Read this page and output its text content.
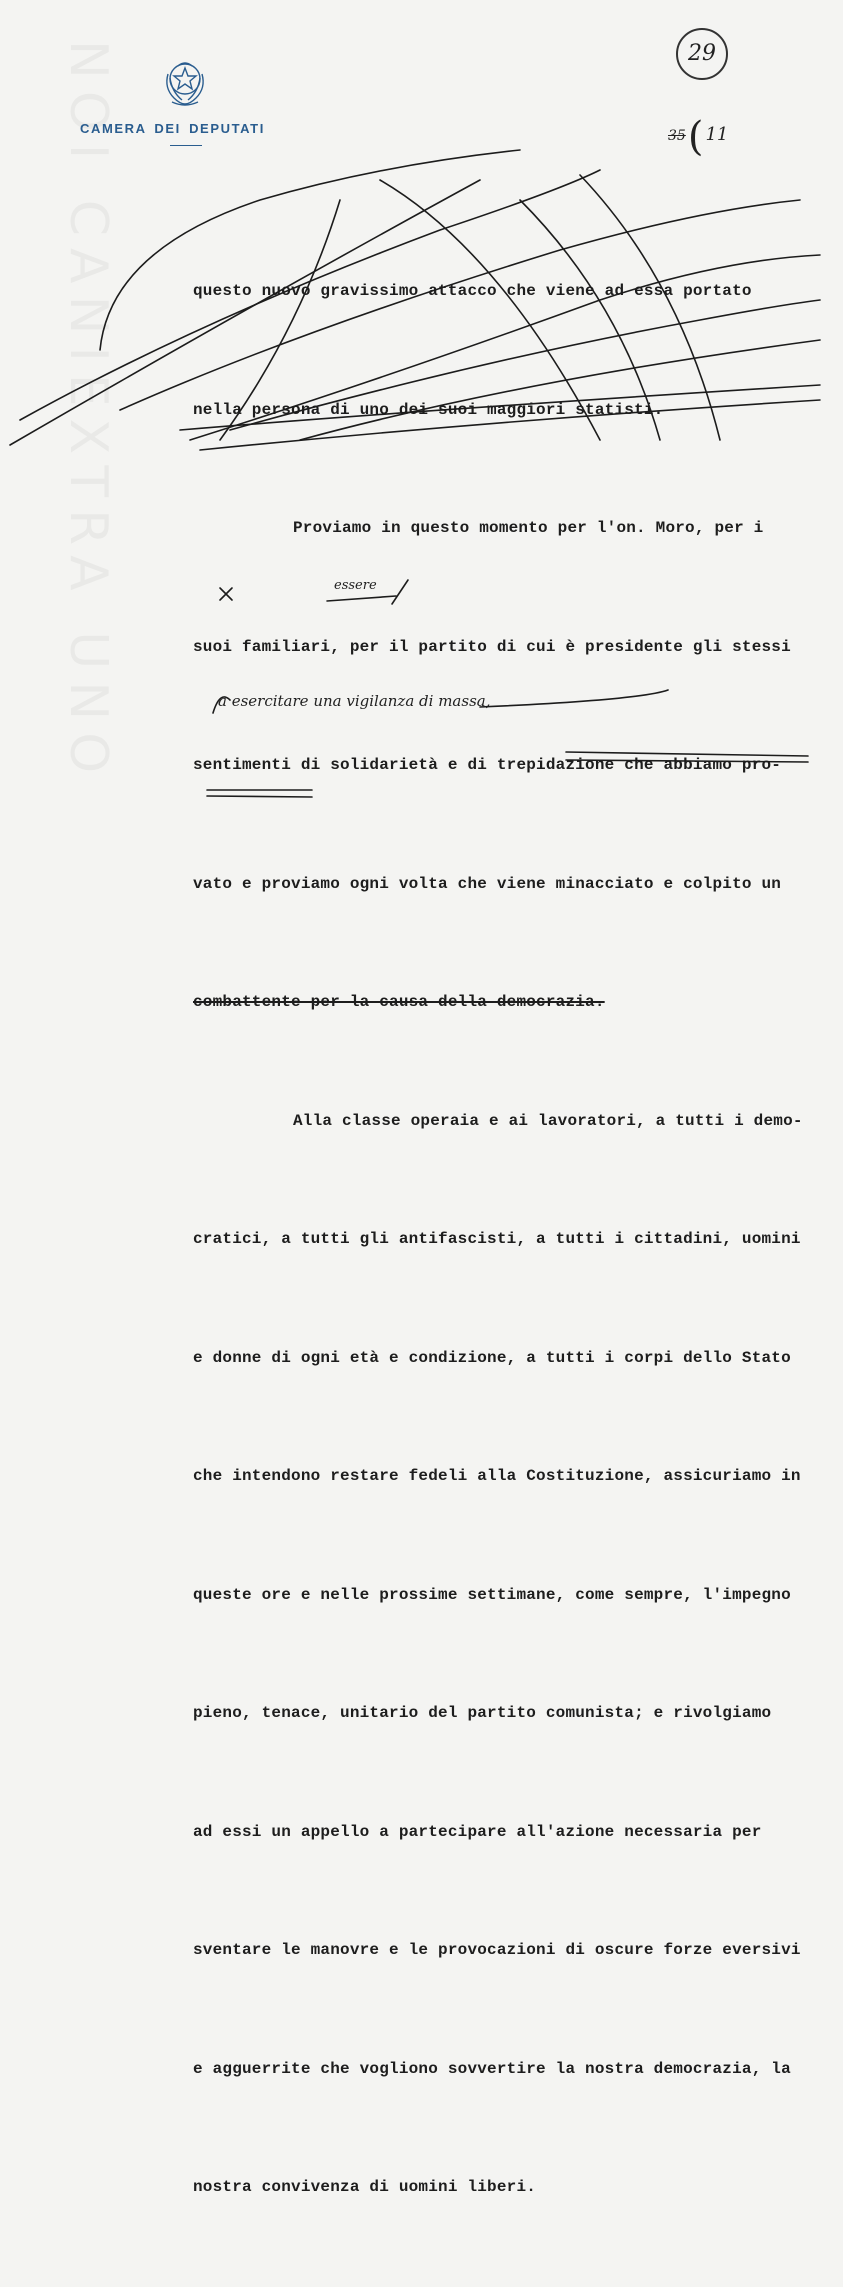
CAMERA DEI DEPUTATI
29
35( 11

questo nuovo gravissimo attacco che viene ad essa portato

nella persona di uno dei suoi maggiori statisti.

Proviamo in questo momento per l'on. Moro, per i

suoi familiari, per il partito di cui è presidente gli stessi

sentimenti di solidarietà e di trepidazione che abbiamo pro-

vato e proviamo ogni volta che viene minacciato e colpito un

combattente per la causa della democrazia.

Alla classe operaia e ai lavoratori, a tutti i demo-

cratici, a tutti gli antifascisti, a tutti i cittadini, uomini

e donne di ogni età e condizione, a tutti i corpi dello Stato

che intendono restare fedeli alla Costituzione, assicuriamo in

queste ore e nelle prossime settimane, come sempre, l'impegno

pieno, tenace, unitario del partito comunista; e rivolgiamo

ad essi un appello a partecipare all'azione necessaria per

sventare le manovre e le provocazioni di oscure forze eversivi

e agguerrite che vogliono sovvertire la nostra democrazia, la

nostra convivenza di uomini liberi.

essere
a esercitare una vigilanza di massa,
